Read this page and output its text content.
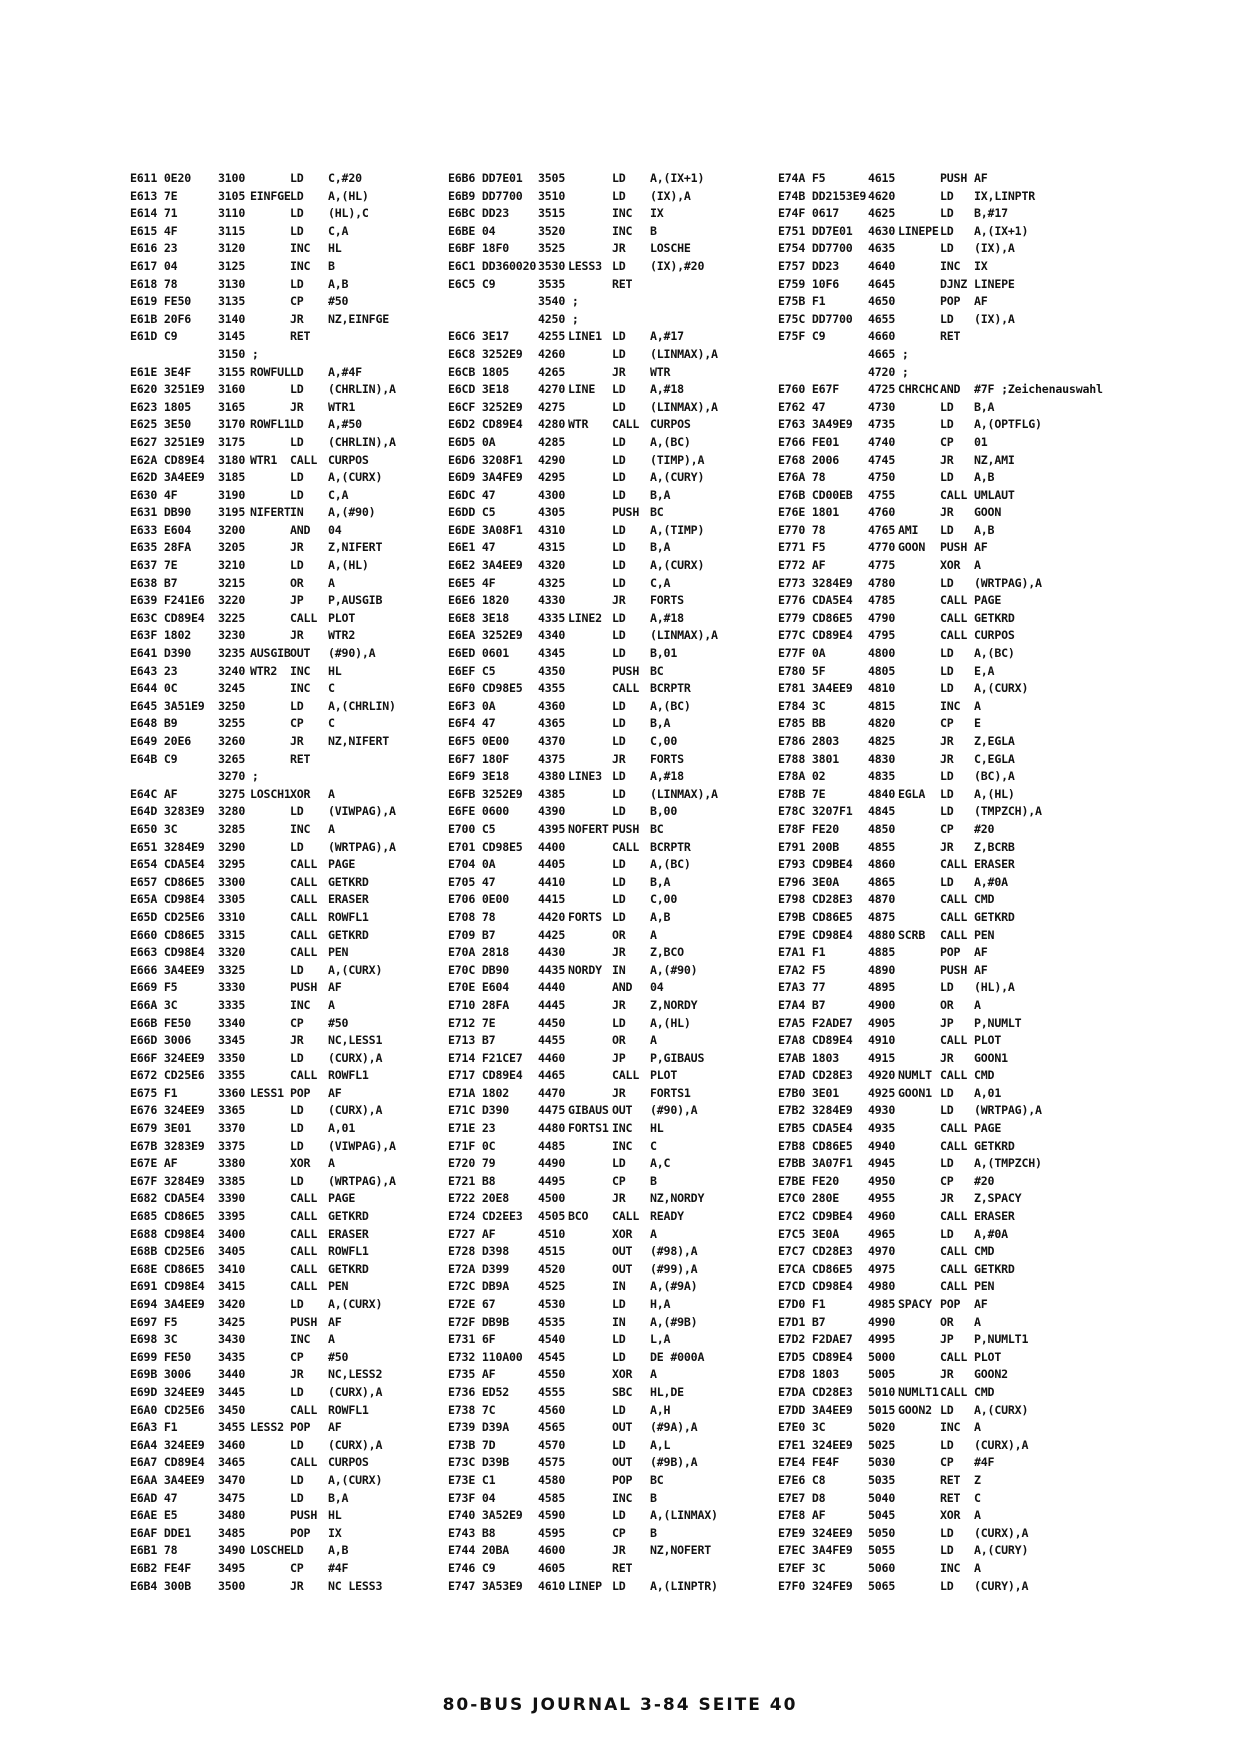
E611 0E20 3100	LD C,#20
E613 7E	3105 EINFGE LD A,(HL)
E614 71	3110	LD (HL),C
E615 4F	3115	LD C,A
E616 23	3120	INC HL
E617 04	3125	INC B
E618 78	3130	LD A,B
E619 FE50 3135	CP #50
E61B 20F6 3140	JR NZ,EINFGE
E61D C9	3145	RET
3150 ;
E61E 3E4F 3155 ROWFUL LD A,#4F
E620 3251E9 3160	LD (CHRLIN),A
E623 1805 3165	JR WTR1
E625 3E50 3170 ROWFL1 LD A,#50
E627 3251E9 3175	LD (CHRLIN),A
E62A CD89E4 3180 WTR1 CALL CURPOS
E62D 3A4EE9 3185	LD A,(CURX)
E630 4F	3190	LD C,A
E631 DB90 3195 NIFERT IN A,(#90)
E633 E604 3200	AND 04
E635 28FA 3205	JR Z,NIFERT
E637 7E	3210	LD A,(HL)
E638 B7	3215	OR A
E639 F241E6 3220	JP P,AUSGIB
E63C CD89E4 3225	CALL PLOT
E63F 1802 3230	JR WTR2
E641 D390 3235 AUSGIB OUT (#90),A
E643 23	3240 WTR2 INC HL
E644 0C	3245	INC C
E645 3A51E9 3250	LD A,(CHRLIN)
E648 B9	3255	CP C
E649 20E6 3260	JR NZ,NIFERT
E64B C9	3265	RET
3270 ;
E64C AF	3275 LOSCH1 XOR A
E64D 3283E9 3280	LD (VIWPAG),A
E650 3C	3285	INC A
E651 3284E9 3290	LD (WRTPAG),A
E654 CDA5E4 3295	CALL PAGE
E657 CD86E5 3300	CALL GETKRD
E65A CD98E4 3305	CALL ERASER
E65D CD25E6 3310	CALL ROWFL1
E660 CD86E5 3315	CALL GETKRD
E663 CD98E4 3320	CALL PEN
E666 3A4EE9 3325	LD A,(CURX)
E669 F5	3330	PUSH AF
E66A 3C	3335	INC A
E66B FE50 3340	CP #50
E66D 3006 3345	JR NC,LESS1
E66F 324EE9 3350	LD (CURX),A
E672 CD25E6 3355	CALL ROWFL1
E675 F1	3360 LESS1 POP AF
E676 324EE9 3365	LD (CURX),A
E679 3E01 3370	LD A,01
E67B 3283E9 3375	LD (VIWPAG),A
E67E AF	3380	XOR A
E67F 3284E9 3385	LD (WRTPAG),A
E682 CDA5E4 3390	CALL PAGE
E685 CD86E5 3395	CALL GETKRD
E688 CD98E4 3400	CALL ERASER
E68B CD25E6 3405	CALL ROWFL1
E68E CD86E5 3410	CALL GETKRD
E691 CD98E4 3415	CALL PEN
E694 3A4EE9 3420	LD A,(CURX)
E697 F5	3425	PUSH AF
E698 3C	3430	INC A
E699 FE50 3435	CP #50
E69B 3006 3440	JR NC,LESS2
E69D 324EE9 3445	LD (CURX),A
E6A0 CD25E6 3450	CALL ROWFL1
E6A3 F1	3455 LESS2 POP AF
E6A4 324EE9 3460	LD (CURX),A
E6A7 CD89E4 3465	CALL CURPOS
E6AA 3A4EE9 3470	LD A,(CURX)
E6AD 47	3475	LD B,A
E6AE E5	3480	PUSH HL
E6AF DDE1 3485	POP IX
E6B1 78	3490 LOSCHE LD A,B
E6B2 FE4F 3495	CP #4F
E6B4 300B 3500	JR NC LESS3
E6B6 DD7E01 3505	LD A,(IX+1)
E6B9 DD7700 3510	LD (IX),A
E6BC DD23 3515	INC IX
E6BE 04	3520	INC B
E6BF 18F0 3525	JR LOSCHE
E6C1 DD360020 3530 LESS3 LD (IX),#20
E6C5 C9	3535	RET
3540 ;
4250 ;
E6C6 3E17 4255 LINE1 LD A,#17
E6C8 3252E9 4260	LD (LINMAX),A
E6CB 1805 4265	JR WTR
E6CD 3E18 4270 LINE LD A,#18
E6CF 3252E9 4275	LD (LINMAX),A
E6D2 CD89E4 4280 WTR CALL CURPOS
E6D5 0A	4285	LD A,(BC)
E6D6 3208F1 4290	LD (TIMP),A
E6D9 3A4FE9 4295	LD A,(CURY)
E6DC 47	4300	LD B,A
E6DD C5	4305	PUSH BC
E6DE 3A08F1 4310	LD A,(TIMP)
E6E1 47	4315	LD B,A
E6E2 3A4EE9 4320	LD A,(CURX)
E6E5 4F	4325	LD C,A
E6E6 1820 4330	JR FORTS
E6E8 3E18 4335 LINE2 LD A,#18
E6EA 3252E9 4340	LD (LINMAX),A
E6ED 0601 4345	LD B,01
E6EF C5	4350	PUSH BC
E6F0 CD98E5 4355	CALL BCRPTR
E6F3 0A	4360	LD A,(BC)
E6F4 47	4365	LD B,A
E6F5 0E00 4370	LD C,00
E6F7 180F 4375	JR FORTS
E6F9 3E18 4380 LINE3 LD A,#18
E6FB 3252E9 4385	LD (LINMAX),A
E6FE 0600 4390	LD B,00
E700 C5	4395 NOFERT PUSH BC
E701 CD98E5 4400	CALL BCRPTR
E704 0A	4405	LD A,(BC)
E705 47	4410	LD B,A
E706 0E00 4415	LD C,00
E708 78	4420 FORTS LD A,B
E709 B7	4425	OR A
E70A 2818 4430	JR Z,BCO
E70C DB90 4435 NORDY IN A,(#90)
E70E E604 4440	AND 04
E710 28FA 4445	JR Z,NORDY
E712 7E	4450	LD A,(HL)
E713 B7	4455	OR A
E714 F21CE7 4460	JP P,GIBAUS
E717 CD89E4 4465	CALL PLOT
E71A 1802 4470	JR FORTS1
E71C D390 4475 GIBAUS OUT (#90),A
E71E 23	4480 FORTS1 INC HL
E71F 0C	4485	INC C
E720 79	4490	LD A,C
E721 B8	4495	CP B
E722 20E8 4500	JR NZ,NORDY
E724 CD2EE3 4505 BCO CALL READY
E727 AF	4510	XOR A
E728 D398 4515	OUT (#98),A
E72A D399 4520	OUT (#99),A
E72C DB9A 4525	IN A,(#9A)
E72E 67	4530	LD H,A
E72F DB9B 4535	IN A,(#9B)
E731 6F	4540	LD L,A
E732 110A00 4545	LD DE #000A
E735 AF	4550	XOR A
E736 ED52 4555	SBC HL,DE
E738 7C	4560	LD A,H
E739 D39A 4565	OUT (#9A),A
E73B 7D	4570	LD A,L
E73C D39B 4575	OUT (#9B),A
E73E C1	4580	POP BC
E73F 04	4585	INC B
E740 3A52E9 4590	LD A,(LINMAX)
E743 B8	4595	CP B
E744 20BA 4600	JR NZ,NOFERT
E746 C9	4605	RET
E747 3A53E9 4610 LINEP LD A,(LINPTR)
E74A F5	4615	PUSH AF
E74B DD2153E9 4620	LD IX,LINPTR
E74F 0617 4625	LD B,#17
E751 DD7E01 4630 LINEPE LD A,(IX+1)
E754 DD7700 4635	LD (IX),A
E757 DD23 4640	INC IX
E759 10F6 4645	DJNZ LINEPE
E75B F1	4650	POP AF
E75C DD7700 4655	LD (IX),A
E75F C9	4660	RET
4665 ;
4720 ;
E760 E67F 4725 CHRCHC AND #7F ;Zeichenauswahl
E762 47	4730	LD B,A
E763 3A49E9 4735	LD A,(OPTFLG)
E766 FE01 4740	CP 01
E768 2006 4745	JR NZ,AMI
E76A 78	4750	LD A,B
E76B CD00EB 4755	CALL UMLAUT
E76E 1801 4760	JR GOON
E770 78	4765 AMI LD A,B
E771 F5	4770 GOON PUSH AF
E772 AF	4775	XOR A
E773 3284E9 4780	LD (WRTPAG),A
E776 CDA5E4 4785	CALL PAGE
E779 CD86E5 4790	CALL GETKRD
E77C CD89E4 4795	CALL CURPOS
E77F 0A	4800	LD A,(BC)
E780 5F	4805	LD E,A
E781 3A4EE9 4810	LD A,(CURX)
E784 3C	4815	INC A
E785 BB	4820	CP E
E786 2803 4825	JR Z,EGLA
E788 3801 4830	JR C,EGLA
E78A 02	4835	LD (BC),A
E78B 7E	4840 EGLA LD A,(HL)
E78C 3207F1 4845	LD (TMPZCH),A
E78F FE20 4850	CP #20
E791 200B 4855	JR Z,BCRB
E793 CD9BE4 4860	CALL ERASER
E796 3E0A 4865	LD A,#0A
E798 CD28E3 4870	CALL CMD
E79B CD86E5 4875	CALL GETKRD
E79E CD98E4 4880 SCRB CALL PEN
E7A1 F1	4885	POP AF
E7A2 F5	4890	PUSH AF
E7A3 77	4895	LD (HL),A
E7A4 B7	4900	OR A
E7A5 F2ADE7 4905	JP P,NUMLT
E7A8 CD89E4 4910	CALL PLOT
E7AB 1803 4915	JR GOON1
E7AD CD28E3 4920 NUMLT CALL CMD
E7B0 3E01 4925 GOON1 LD A,01
E7B2 3284E9 4930	LD (WRTPAG),A
E7B5 CDA5E4 4935	CALL PAGE
E7B8 CD86E5 4940	CALL GETKRD
E7BB 3A07F1 4945	LD A,(TMPZCH)
E7BE FE20 4950	CP #20
E7C0 280E 4955	JR Z,SPACY
E7C2 CD9BE4 4960	CALL ERASER
E7C5 3E0A 4965	LD A,#0A
E7C7 CD28E3 4970	CALL CMD
E7CA CD86E5 4975	CALL GETKRD
E7CD CD98E4 4980	CALL PEN
E7D0 F1	4985 SPACY POP AF
E7D1 B7	4990	OR A
E7D2 F2DAE7 4995	JP P,NUMLT1
E7D5 CD89E4 5000	CALL PLOT
E7D8 1803 5005	JR GOON2
E7DA CD28E3 5010 NUMLT1 CALL CMD
E7DD 3A4EE9 5015 GOON2 LD A,(CURX)
E7E0 3C	5020	INC A
E7E1 324EE9 5025	LD (CURX),A
E7E4 FE4F 5030	CP #4F
E7E6 C8	5035	RET Z
E7E7 D8	5040	RET C
E7E8 AF	5045	XOR A
E7E9 324EE9 5050	LD (CURX),A
E7EC 3A4FE9 5055	LD A,(CURY)
E7EF 3C	5060	INC A
E7F0 324FE9 5065	LD (CURY),A
80-BUS JOURNAL 3-84 SEITE 40
